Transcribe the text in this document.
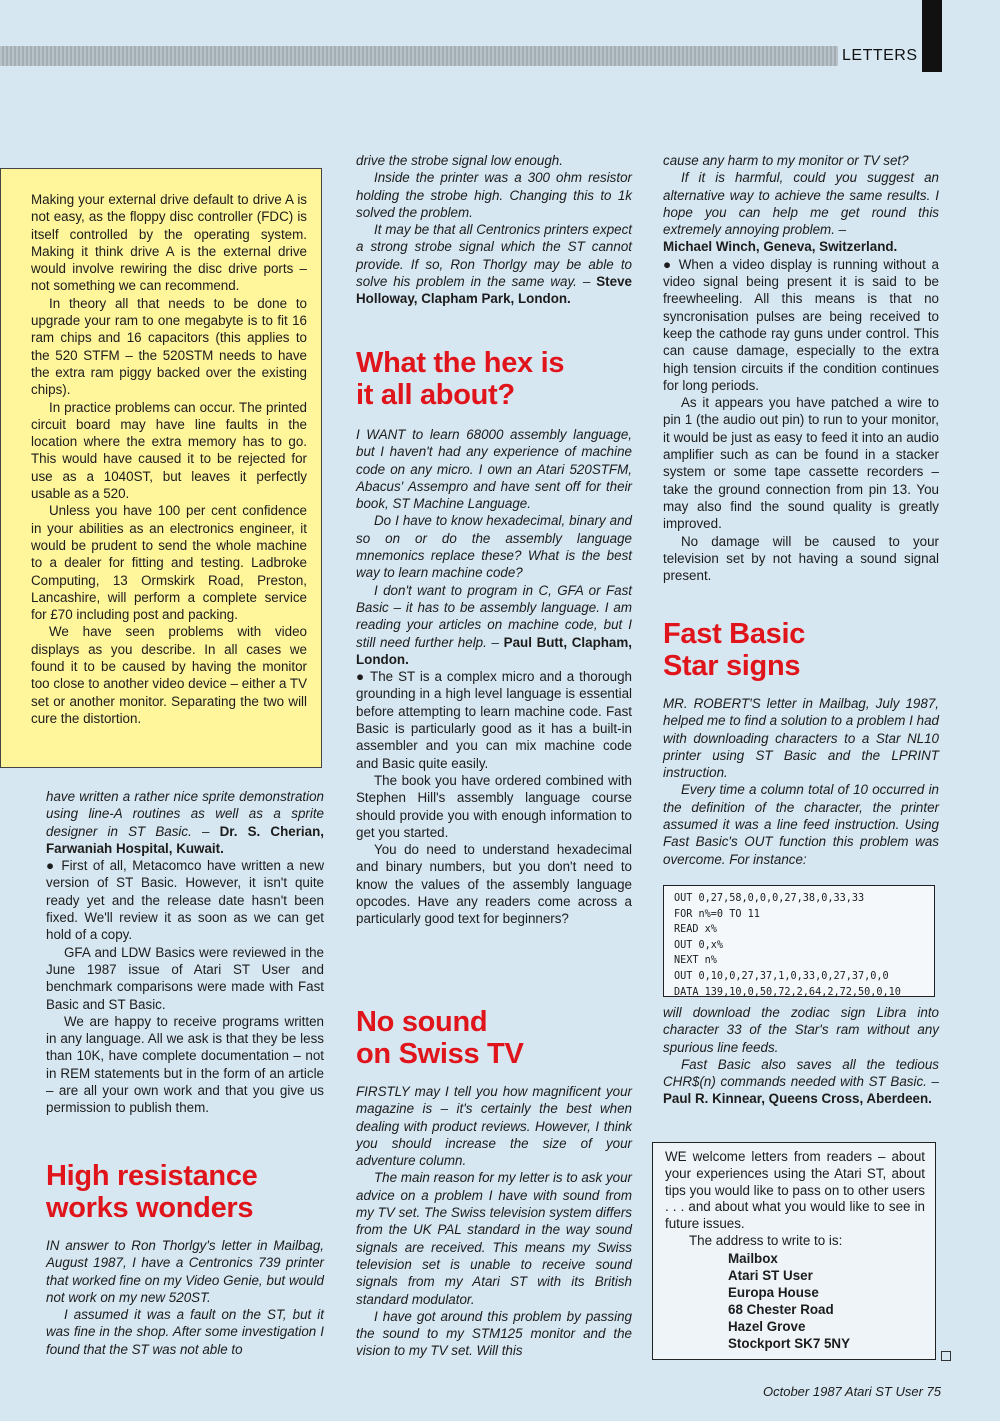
LETTERS

Making your external drive default to drive A is not easy, as the floppy disc controller (FDC) is itself controlled by the operating system. Making it think drive A is the external drive would involve rewiring the disc drive ports – not something we can recommend.

In theory all that needs to be done to upgrade your ram to one megabyte is to fit 16 ram chips and 16 capacitors (this applies to the 520 STFM – the 520STM needs to have the extra ram piggy backed over the existing chips).

In practice problems can occur. The printed circuit board may have line faults in the location where the extra memory has to go. This would have caused it to be rejected for use as a 1040ST, but leaves it perfectly usable as a 520.

Unless you have 100 per cent confidence in your abilities as an electronics engineer, it would be prudent to send the whole machine to a dealer for fitting and testing. Ladbroke Computing, 13 Ormskirk Road, Preston, Lancashire, will perform a complete service for £70 including post and packing.

We have seen problems with video displays as you describe. In all cases we found it to be caused by having the monitor too close to another video device – either a TV set or another monitor. Separating the two will cure the distortion.

have written a rather nice sprite demonstration using line-A routines as well as a sprite designer in ST Basic. – Dr. S. Cherian, Farwaniah Hospital, Kuwait.

● First of all, Metacomco have written a new version of ST Basic. However, it isn't quite ready yet and the release date hasn't been fixed. We'll review it as soon as we can get hold of a copy.

GFA and LDW Basics were reviewed in the June 1987 issue of Atari ST User and benchmark comparisons were made with Fast Basic and ST Basic.

We are happy to receive programs written in any language. All we ask is that they be less than 10K, have complete documentation – not in REM statements but in the form of an article – are all your own work and that you give us permission to publish them.

High resistance
works wonders

IN answer to Ron Thorlgy's letter in Mailbag, August 1987, I have a Centronics 739 printer that worked fine on my Video Genie, but would not work on my new 520ST.

I assumed it was a fault on the ST, but it was fine in the shop. After some investigation I found that the ST was not able to

drive the strobe signal low enough.

Inside the printer was a 300 ohm resistor holding the strobe high. Changing this to 1k solved the problem.

It may be that all Centronics printers expect a strong strobe signal which the ST cannot provide. If so, Ron Thorlgy may be able to solve his problem in the same way. – Steve Holloway, Clapham Park, London.

What the hex is
it all about?

I WANT to learn 68000 assembly language, but I haven't had any experience of machine code on any micro. I own an Atari 520STFM, Abacus' Assempro and have sent off for their book, ST Machine Language.

Do I have to know hexadecimal, binary and so on or do the assembly language mnemonics replace these? What is the best way to learn machine code?

I don't want to program in C, GFA or Fast Basic – it has to be assembly language. I am reading your articles on machine code, but I still need further help. – Paul Butt, Clapham, London.

● The ST is a complex micro and a thorough grounding in a high level language is essential before attempting to learn machine code. Fast Basic is particularly good as it has a built-in assembler and you can mix machine code and Basic quite easily.

The book you have ordered combined with Stephen Hill's assembly language course should provide you with enough information to get you started.

You do need to understand hexadecimal and binary numbers, but you don't need to know the values of the assembly language opcodes. Have any readers come across a particularly good text for beginners?

No sound
on Swiss TV

FIRSTLY may I tell you how magnificent your magazine is – it's certainly the best when dealing with product reviews. However, I think you should increase the size of your adventure column.

The main reason for my letter is to ask your advice on a problem I have with sound from my TV set. The Swiss television system differs from the UK PAL standard in the way sound signals are received. This means my Swiss television set is unable to receive sound signals from my Atari ST with its British standard modulator.

I have got around this problem by passing the sound to my STM125 monitor and the vision to my TV set. Will this

cause any harm to my monitor or TV set?

If it is harmful, could you suggest an alternative way to achieve the same results. I hope you can help me get round this extremely annoying problem. –

Michael Winch, Geneva, Switzerland.

● When a video display is running without a video signal being present it is said to be freewheeling. All this means is that no syncronisation pulses are being received to keep the cathode ray guns under control. This can cause damage, especially to the extra high tension circuits if the condition continues for long periods.

As it appears you have patched a wire to pin 1 (the audio out pin) to run to your monitor, it would be just as easy to feed it into an audio amplifier such as can be found in a stacker system or some tape cassette recorders – take the ground connection from pin 13. You may also find the sound quality is greatly improved.

No damage will be caused to your television set by not having a sound signal present.

Fast Basic
Star signs

MR. ROBERT'S letter in Mailbag, July 1987, helped me to find a solution to a problem I had with downloading characters to a Star NL10 printer using ST Basic and the LPRINT instruction.

Every time a column total of 10 occurred in the definition of the character, the printer assumed it was a line feed instruction. Using Fast Basic's OUT function this problem was overcome. For instance:

OUT 0,27,58,0,0,0,27,38,0,33,33
FOR n%=0 TO 11
READ x%
OUT 0,x%
NEXT n%
OUT 0,10,0,27,37,1,0,33,0,27,37,0,0
DATA 139,10,0,50,72,2,64,2,72,50,0,10

will download the zodiac sign Libra into character 33 of the Star's ram without any spurious line feeds.

Fast Basic also saves all the tedious CHR$(n) commands needed with ST Basic. – Paul R. Kinnear, Queens Cross, Aberdeen.

WE welcome letters from readers – about your experiences using the Atari ST, about tips you would like to pass on to other users . . . and about what you would like to see in future issues.
The address to write to is:
Mailbox
Atari ST User
Europa House
68 Chester Road
Hazel Grove
Stockport SK7 5NY
October 1987 Atari ST User 75
